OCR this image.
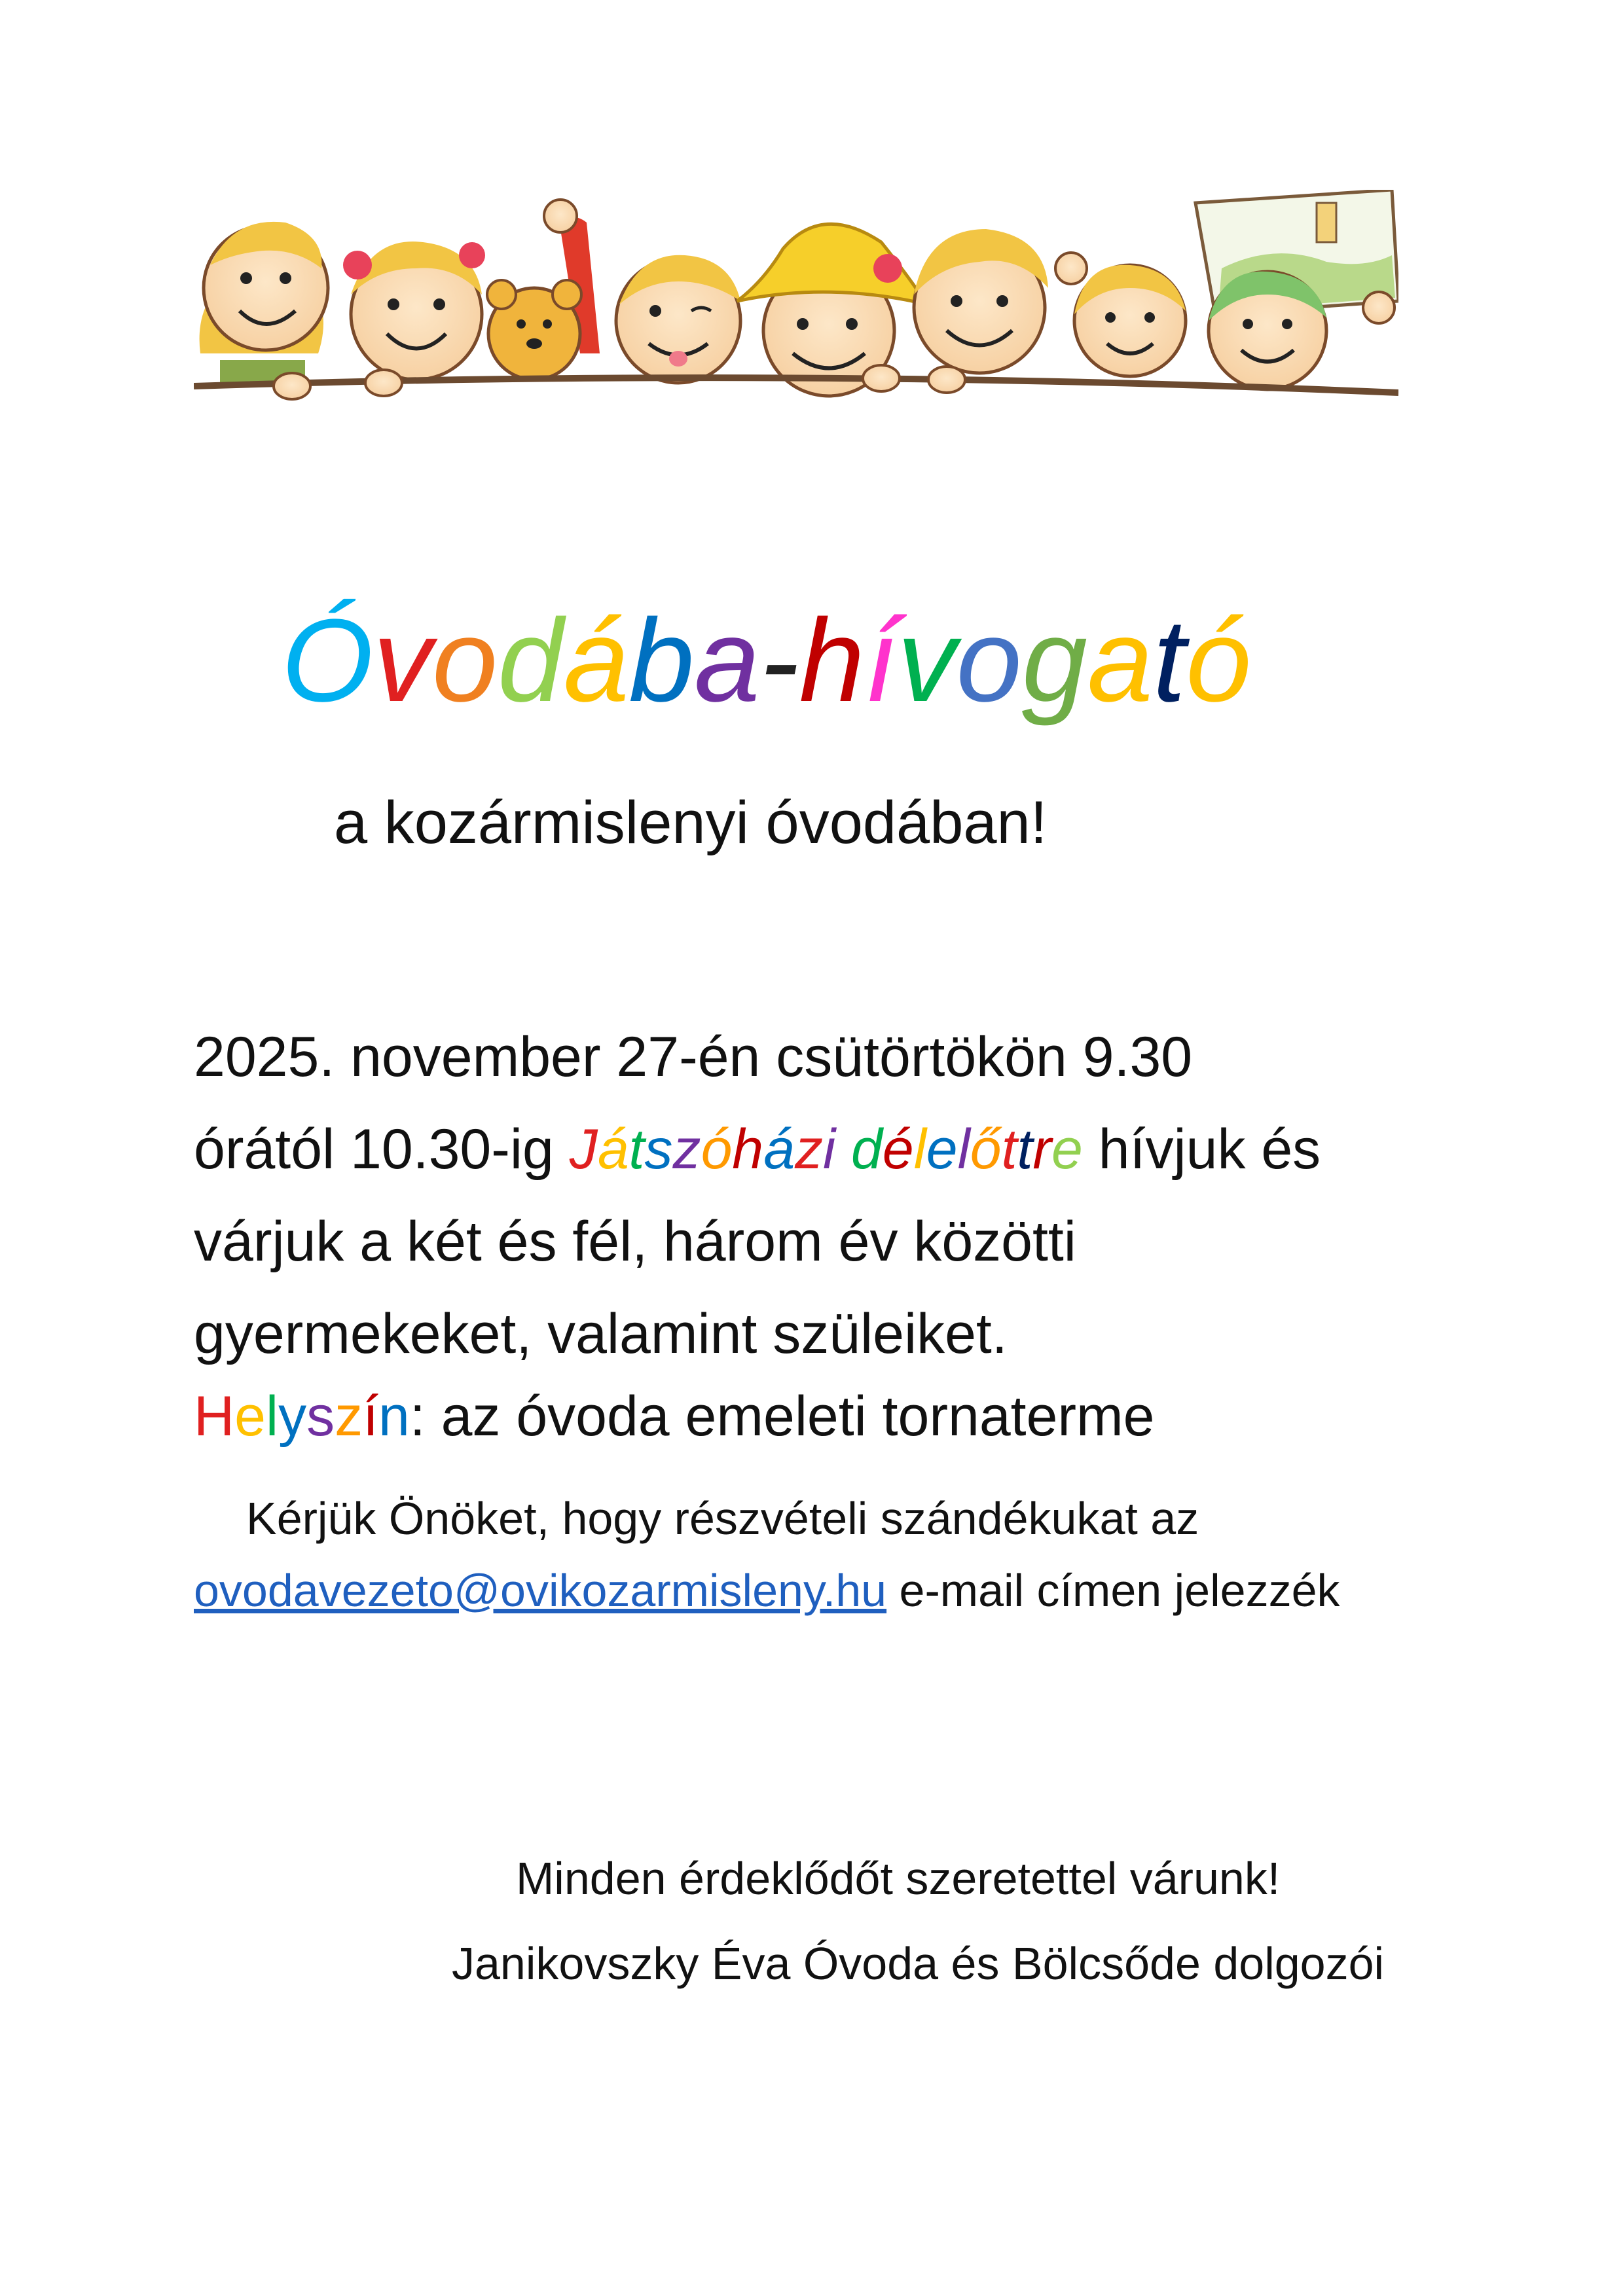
Óvodába-hívogató
a kozármislenyi óvodában!
2025. november 27-én csütörtökön 9.30
órától 10.30-ig Játszóházi délelőttre hívjuk és
várjuk a két és fél, három év közötti
gyermekeket, valamint szüleiket.
Helyszín: az óvoda emeleti tornaterme
Kérjük Önöket, hogy részvételi szándékukat az
ovodavezeto@ovikozarmisleny.hu e-mail címen jelezzék
Minden érdeklődőt szeretettel várunk!
Janikovszky Éva Óvoda és Bölcsőde dolgozói
